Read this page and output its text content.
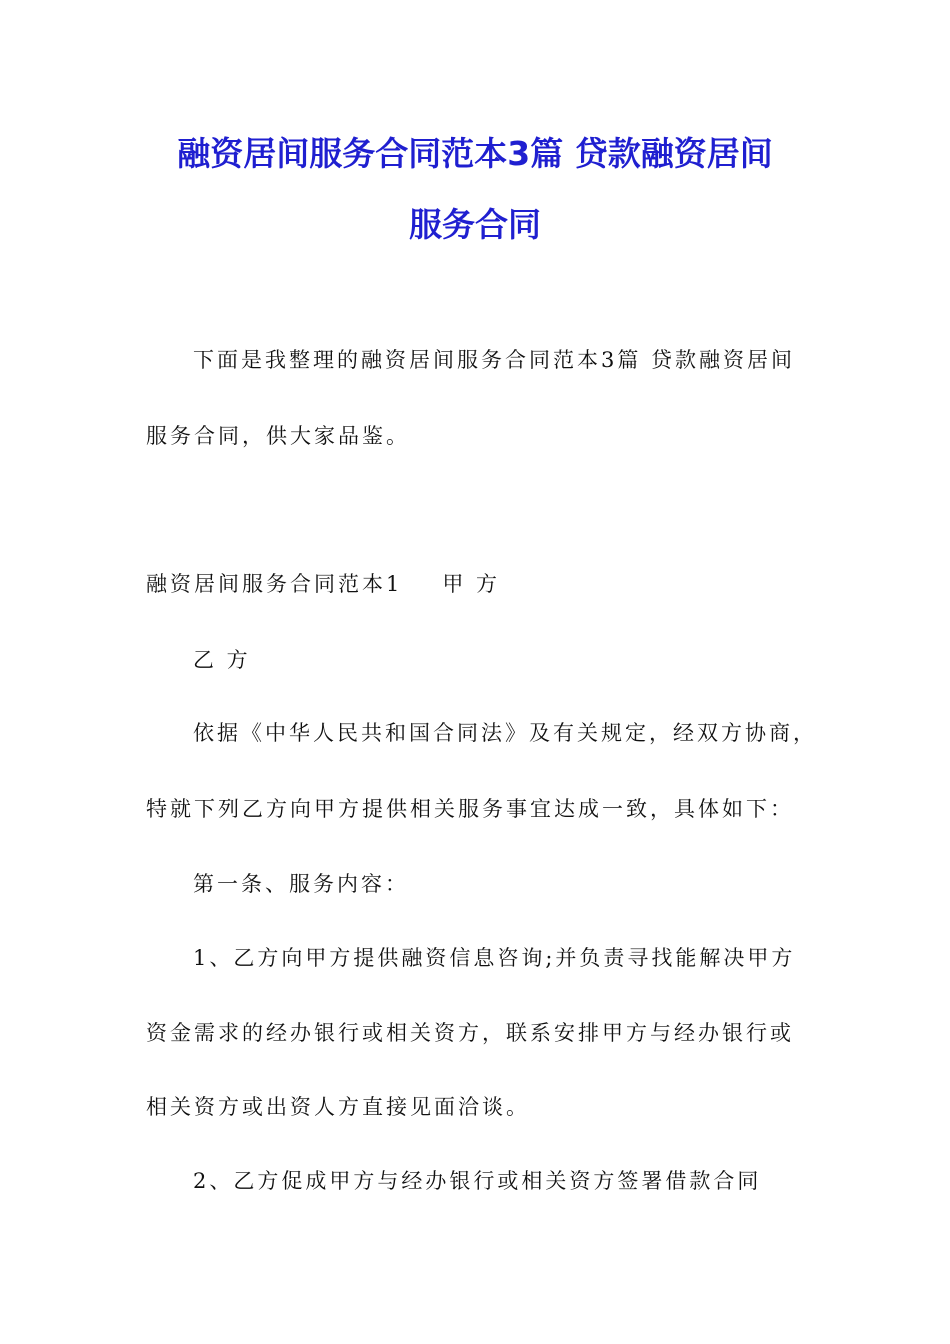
融资居间服务合同范本3篇 贷款融资居间
服务合同
下面是我整理的融资居间服务合同范本3篇 贷款融资居间
服务合同，供大家品鉴。
融资居间服务合同范本1 甲 方
乙 方
依据《中华人民共和国合同法》及有关规定，经双方协商，
特就下列乙方向甲方提供相关服务事宜达成一致，具体如下：
第一条、服务内容：
1、乙方向甲方提供融资信息咨询;并负责寻找能解决甲方
资金需求的经办银行或相关资方，联系安排甲方与经办银行或
相关资方或出资人方直接见面洽谈。
2、乙方促成甲方与经办银行或相关资方签署借款合同
